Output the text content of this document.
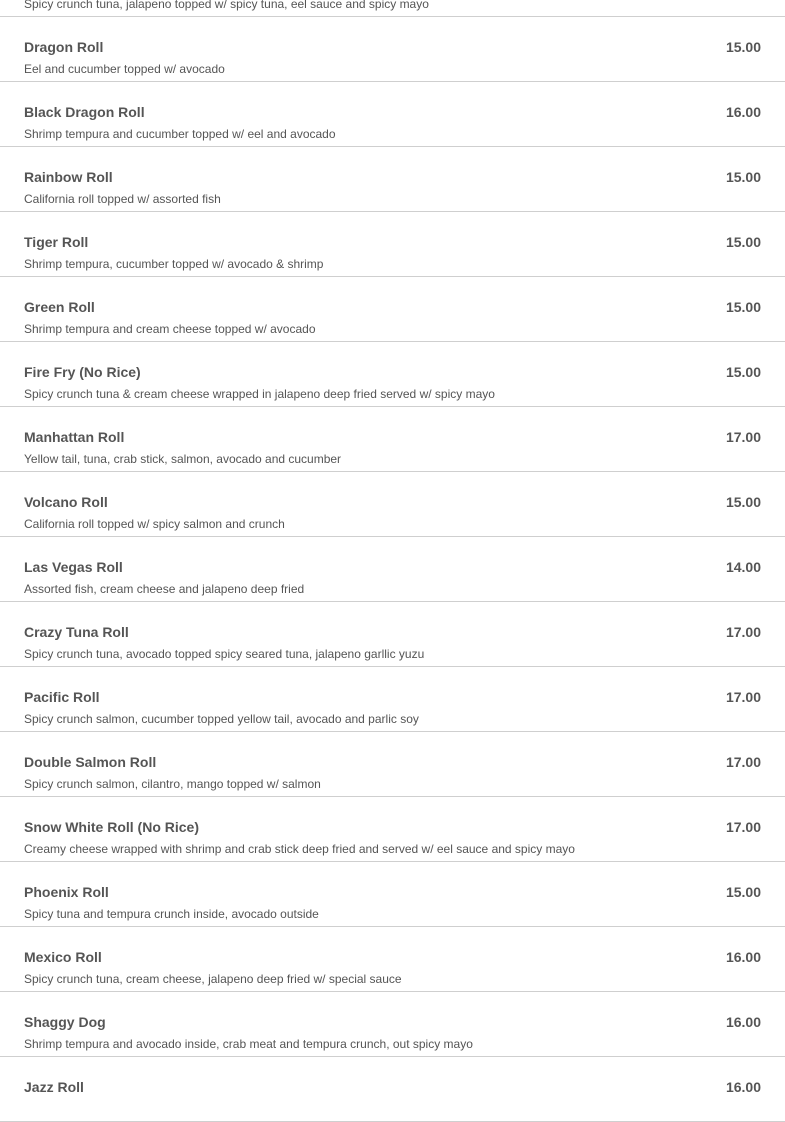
Spicy crunch tuna, jalapeno topped w/ spicy tuna, eel sauce and spicy mayo
Dragon Roll	15.00
Eel and cucumber topped w/ avocado
Black Dragon Roll	16.00
Shrimp tempura and cucumber topped w/ eel and avocado
Rainbow Roll	15.00
California roll topped w/ assorted fish
Tiger Roll	15.00
Shrimp tempura, cucumber topped w/ avocado & shrimp
Green Roll	15.00
Shrimp tempura and cream cheese topped w/ avocado
Fire Fry (No Rice)	15.00
Spicy crunch tuna & cream cheese wrapped in jalapeno deep fried served w/ spicy mayo
Manhattan Roll	17.00
Yellow tail, tuna, crab stick, salmon, avocado and cucumber
Volcano Roll	15.00
California roll topped w/ spicy salmon and crunch
Las Vegas Roll	14.00
Assorted fish, cream cheese and jalapeno deep fried
Crazy Tuna Roll	17.00
Spicy crunch tuna, avocado topped spicy seared tuna, jalapeno garllic yuzu
Pacific Roll	17.00
Spicy crunch salmon, cucumber topped yellow tail, avocado and parlic soy
Double Salmon Roll	17.00
Spicy crunch salmon, cilantro, mango topped w/ salmon
Snow White Roll (No Rice)	17.00
Creamy cheese wrapped with shrimp and crab stick deep fried and served w/ eel sauce and spicy mayo
Phoenix Roll	15.00
Spicy tuna and tempura crunch inside, avocado outside
Mexico Roll	16.00
Spicy crunch tuna, cream cheese, jalapeno deep fried w/ special sauce
Shaggy Dog	16.00
Shrimp tempura and avocado inside, crab meat and tempura crunch, out spicy mayo
Jazz Roll	16.00
